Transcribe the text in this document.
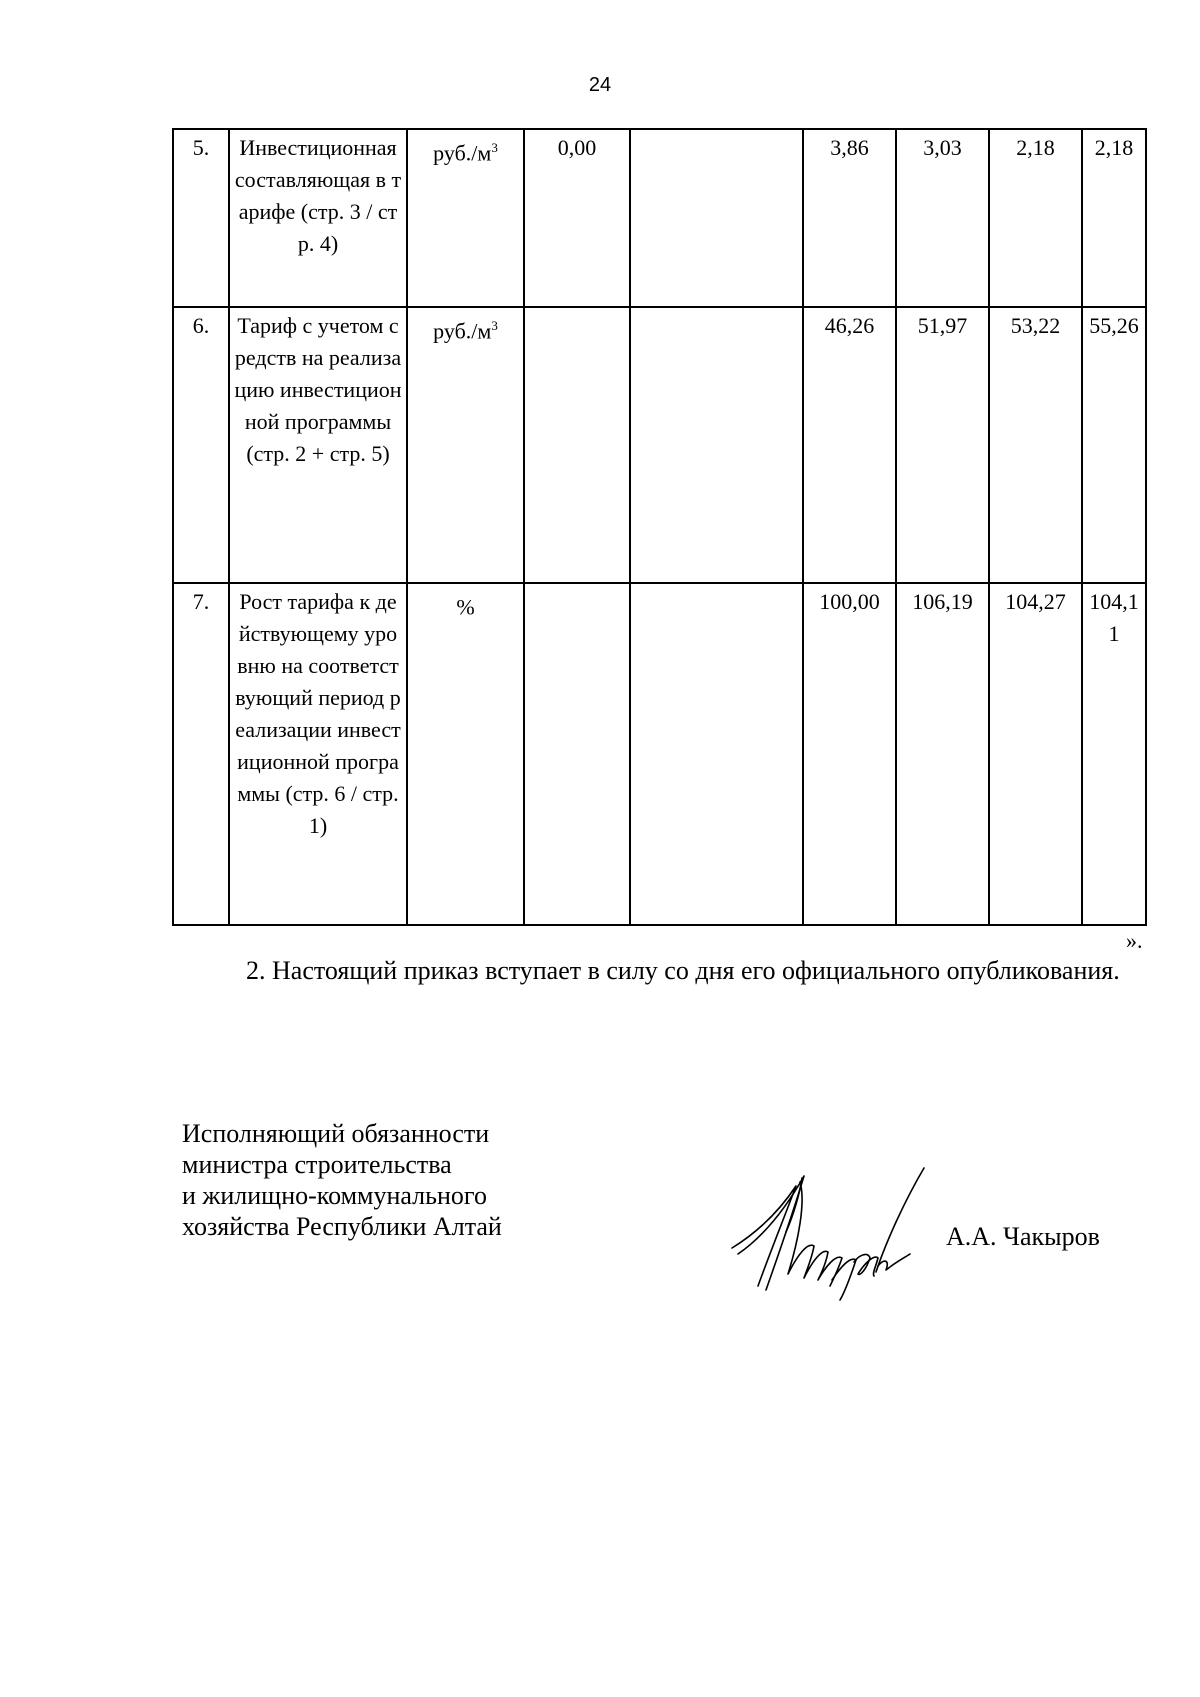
24
5.	Инвестиционная составляющая в тарифе (стр. 3 / стр. 4)	$руб./м^3$	0,00		3,86	3,03	2,18	2,18
6.	Тариф с учетом средств на реализацию инвестиционной программы (стр. 2 + стр. 5)	$руб./м^3$			46,26	51,97	53,22	55,26
7.	Рост тарифа к действующему уровню на соответствующий период реализации инвестиционной программы (стр. 6 / стр. 1)	%			100,00	106,19	104,27	104,11
».
2. Настоящий приказ вступает в силу со дня его официального опубликования.
Исполняющий обязанности
министра строительства
и жилищно-коммунального
хозяйства Республики Алтай	А.А. Чакыров
